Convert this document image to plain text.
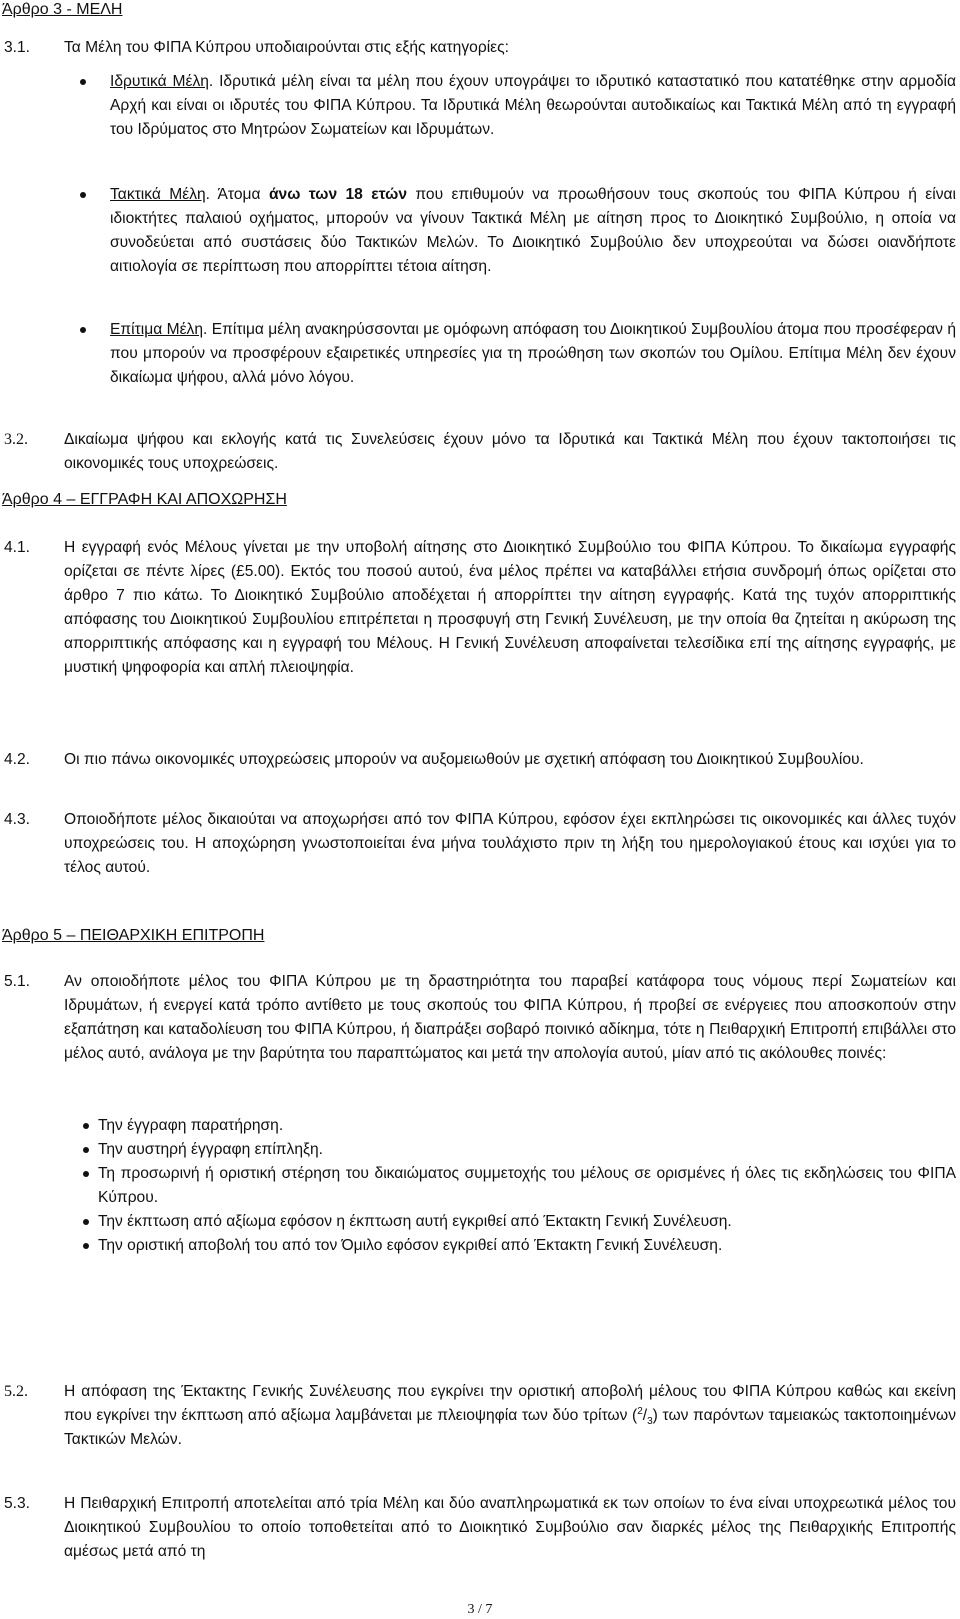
Άρθρο 3 - ΜΕΛΗ
3.1. Τα Μέλη του ΦΙΠΑ Κύπρου υποδιαιρούνται στις εξής κατηγορίες:

Ιδρυτικά Μέλη. Ιδρυτικά μέλη είναι τα μέλη που έχουν υπογράψει το ιδρυτικό καταστατικό που κατατέθηκε στην αρμοδία Αρχή και είναι οι ιδρυτές του ΦΙΠΑ Κύπρου. Τα Ιδρυτικά Μέλη θεωρούνται αυτοδικαίως και Τακτικά Μέλη από τη εγγραφή του Ιδρύματος στο Μητρώον Σωματείων και Ιδρυμάτων.
Τακτικά Μέλη. Άτομα άνω των 18 ετών που επιθυμούν να προωθήσουν τους σκοπούς του ΦΙΠΑ Κύπρου ή είναι ιδιοκτήτες παλαιού οχήματος, μπορούν να γίνουν Τακτικά Μέλη με αίτηση προς το Διοικητικό Συμβούλιο, η οποία να συνοδεύεται από συστάσεις δύο Τακτικών Μελών. Το Διοικητικό Συμβούλιο δεν υποχρεούται να δώσει οιανδήποτε αιτιολογία σε περίπτωση που απορρίπτει τέτοια αίτηση.
Επίτιμα Μέλη. Επίτιμα μέλη ανακηρύσσονται με ομόφωνη απόφαση του Διοικητικού Συμβουλίου άτομα που προσέφεραν ή που μπορούν να προσφέρουν εξαιρετικές υπηρεσίες για τη προώθηση των σκοπών του Ομίλου. Επίτιμα Μέλη δεν έχουν δικαίωμα ψήφου, αλλά μόνο λόγου.
3.2. Δικαίωμα ψήφου και εκλογής κατά τις Συνελεύσεις έχουν μόνο τα Ιδρυτικά και Τακτικά Μέλη που έχουν τακτοποιήσει τις οικονομικές τους υποχρεώσεις.

Άρθρο 4 – ΕΓΓΡΑΦΗ ΚΑΙ ΑΠΟΧΩΡΗΣΗ
4.1. Η εγγραφή ενός Μέλους γίνεται με την υποβολή αίτησης στο Διοικητικό Συμβούλιο του ΦΙΠΑ Κύπρου. Το δικαίωμα εγγραφής ορίζεται σε πέντε λίρες (£5.00). Εκτός του ποσού αυτού, ένα μέλος πρέπει να καταβάλλει ετήσια συνδρομή όπως ορίζεται στο άρθρο 7 πιο κάτω. Το Διοικητικό Συμβούλιο αποδέχεται ή απορρίπτει την αίτηση εγγραφής. Κατά της τυχόν απορριπτικής απόφασης του Διοικητικού Συμβουλίου επιτρέπεται η προσφυγή στη Γενική Συνέλευση, με την οποία θα ζητείται η ακύρωση της απορριπτικής απόφασης και η εγγραφή του Μέλους. Η Γενική Συνέλευση αποφαίνεται τελεσίδικα επί της αίτησης εγγραφής, με μυστική ψηφοφορία και απλή πλειοψηφία.

4.2. Οι πιο πάνω οικονομικές υποχρεώσεις μπορούν να αυξομειωθούν με σχετική απόφαση του Διοικητικού Συμβουλίου.

4.3. Οποιοδήποτε μέλος δικαιούται να αποχωρήσει από τον ΦΙΠΑ Κύπρου, εφόσον έχει εκπληρώσει τις οικονομικές και άλλες τυχόν υποχρεώσεις του. Η αποχώρηση γνωστοποιείται ένα μήνα τουλάχιστο πριν τη λήξη του ημερολογιακού έτους και ισχύει για το τέλος αυτού.

Άρθρο 5 – ΠΕΙΘΑΡΧΙΚΗ ΕΠΙΤΡΟΠΗ
5.1. Αν οποιοδήποτε μέλος του ΦΙΠΑ Κύπρου με τη δραστηριότητα του παραβεί κατάφορα τους νόμους περί Σωματείων και Ιδρυμάτων, ή ενεργεί κατά τρόπο αντίθετο με τους σκοπούς του ΦΙΠΑ Κύπρου, ή προβεί σε ενέργειες που αποσκοπούν στην εξαπάτηση και καταδολίευση του ΦΙΠΑ Κύπρου, ή διαπράξει σοβαρό ποινικό αδίκημα, τότε η Πειθαρχική Επιτροπή επιβάλλει στο μέλος αυτό, ανάλογα με την βαρύτητα του παραπτώματος και μετά την απολογία αυτού, μίαν από τις ακόλουθες ποινές:

Την έγγραφη παρατήρηση.
Την αυστηρή έγγραφη επίπληξη.
Τη προσωρινή ή οριστική στέρηση του δικαιώματος συμμετοχής του μέλους σε ορισμένες ή όλες τις εκδηλώσεις του ΦΙΠΑ Κύπρου.
Την έκπτωση από αξίωμα εφόσον η έκπτωση αυτή εγκριθεί από Έκτακτη Γενική Συνέλευση.
Την οριστική αποβολή του από τον Όμιλο εφόσον εγκριθεί από Έκτακτη Γενική Συνέλευση.
5.2. Η απόφαση της Έκτακτης Γενικής Συνέλευσης που εγκρίνει την οριστική αποβολή μέλους του ΦΙΠΑ Κύπρου καθώς και εκείνη που εγκρίνει την έκπτωση από αξίωμα λαμβάνεται με πλειοψηφία των δύο τρίτων $(^2/_3)$ των παρόντων ταμειακώς τακτοποιημένων Τακτικών Μελών.

5.3. Η Πειθαρχική Επιτροπή αποτελείται από τρία Μέλη και δύο αναπληρωματικά εκ των οποίων το ένα είναι υποχρεωτικά μέλος του Διοικητικού Συμβουλίου το οποίο τοποθετείται από το Διοικητικό Συμβούλιο σαν διαρκές μέλος της Πειθαρχικής Επιτροπής αμέσως μετά από τη

3 / 7
